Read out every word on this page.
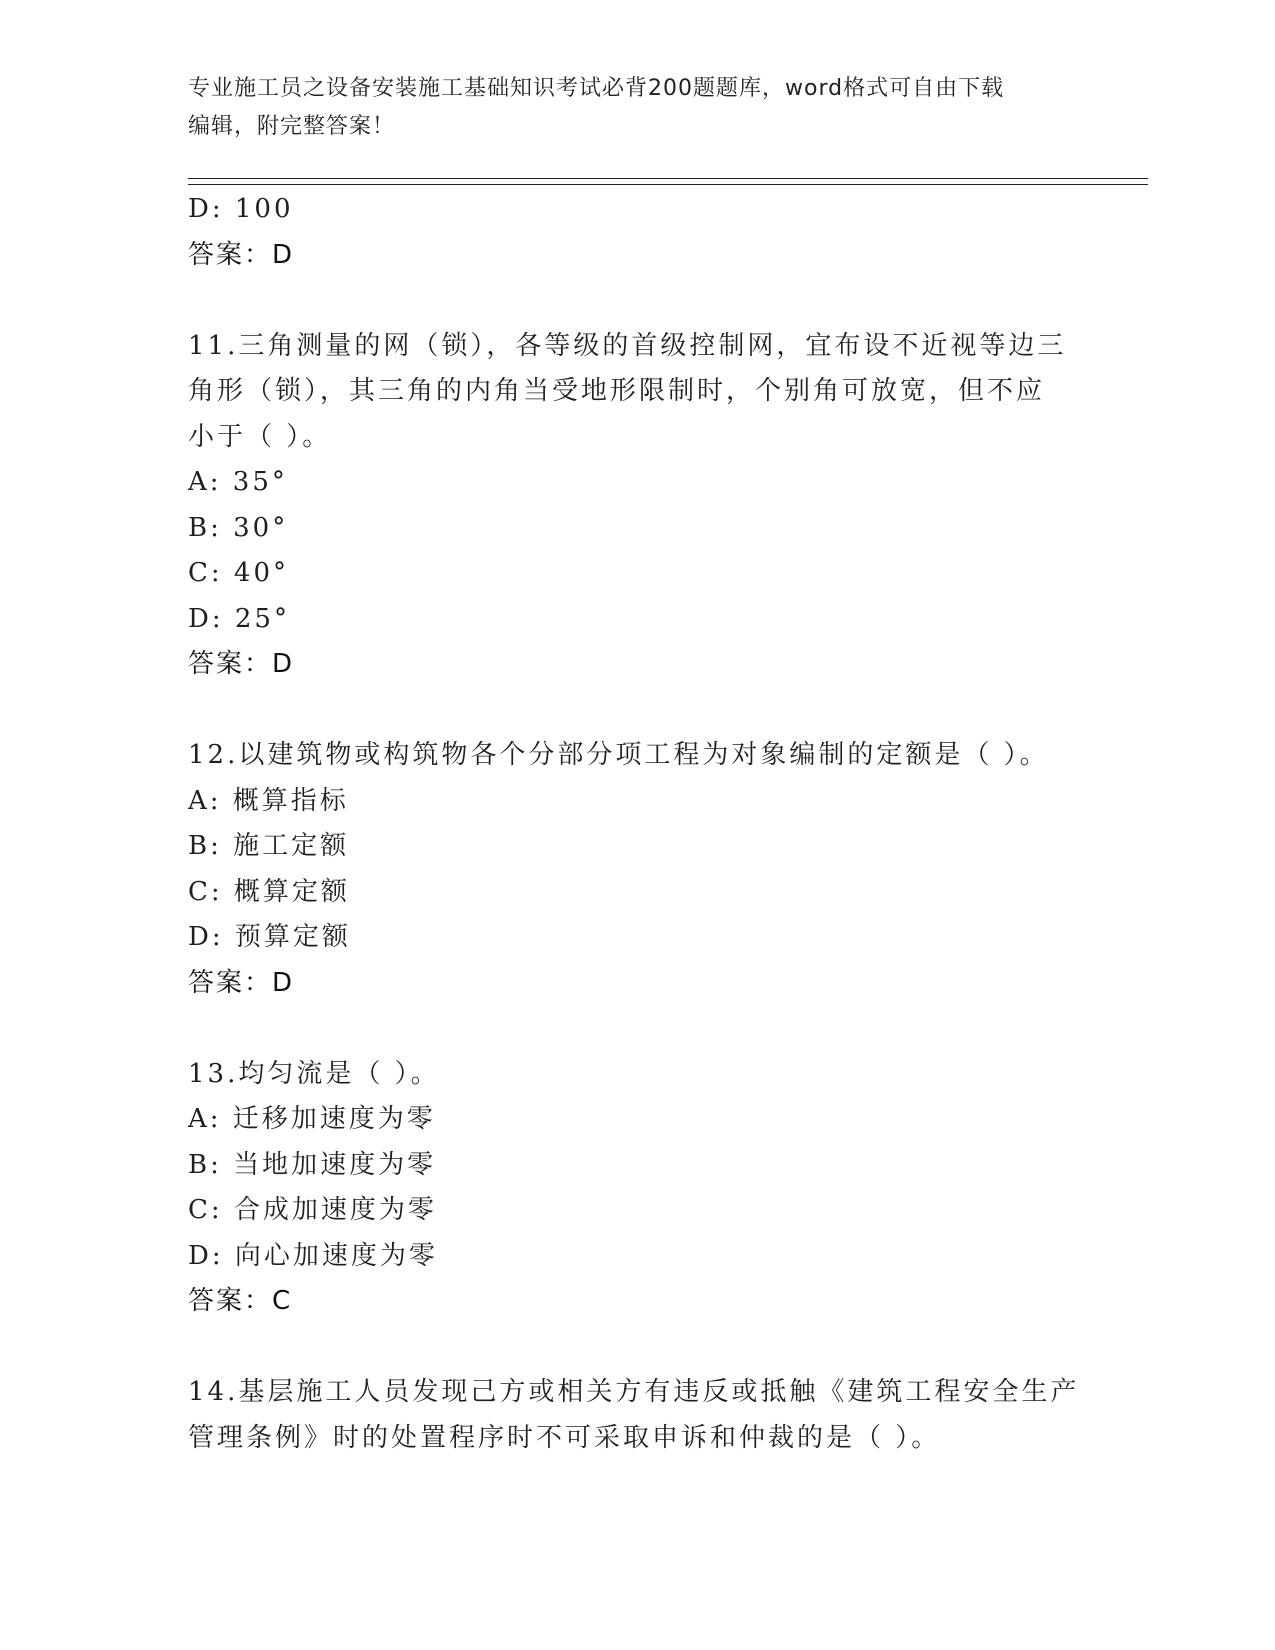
专业施工员之设备安装施工基础知识考试必背200题题库，word格式可自由下载
编辑，附完整答案！
D: 100
答案：D
11.三角测量的网（锁），各等级的首级控制网，宜布设不近视等边三
角形（锁），其三角的内角当受地形限制时，个别角可放宽，但不应
小于（ ）。
A: 35°
B: 30°
C: 40°
D: 25°
答案：D
12.以建筑物或构筑物各个分部分项工程为对象编制的定额是（ ）。
A: 概算指标
B: 施工定额
C: 概算定额
D: 预算定额
答案：D
13.均匀流是（ ）。
A: 迁移加速度为零
B: 当地加速度为零
C: 合成加速度为零
D: 向心加速度为零
答案：C
14.基层施工人员发现己方或相关方有违反或抵触《建筑工程安全生产
管理条例》时的处置程序时不可采取申诉和仲裁的是（ ）。
